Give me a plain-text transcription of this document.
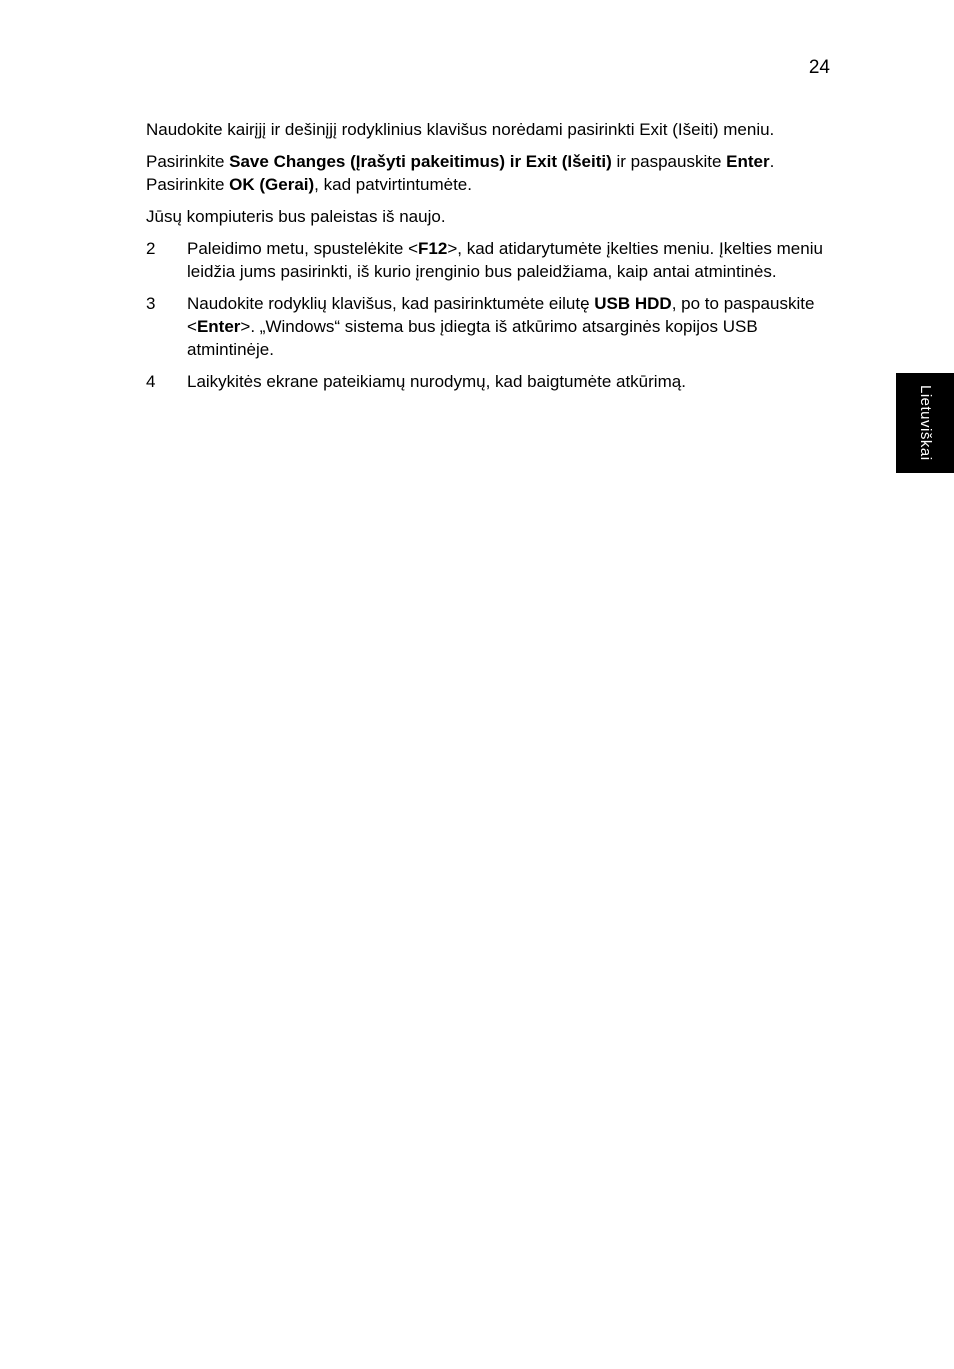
24

Naudokite kairįjį ir dešinįjį rodyklinius klavišus norėdami pasirinkti Exit (Išeiti) meniu.

Pasirinkite Save Changes (Įrašyti pakeitimus) ir Exit (Išeiti) ir paspauskite Enter. Pasirinkite OK (Gerai), kad patvirtintumėte.

Jūsų kompiuteris bus paleistas iš naujo.

2	Paleidimo metu, spustelėkite <F12>, kad atidarytumėte įkelties meniu. Įkelties meniu leidžia jums pasirinkti, iš kurio įrenginio bus paleidžiama, kaip antai atmintinės.
3	Naudokite rodyklių klavišus, kad pasirinktumėte eilutę USB HDD, po to paspauskite <Enter>. „Windows“ sistema bus įdiegta iš atkūrimo atsarginės kopijos USB atmintinėje.
4	Laikykitės ekrane pateikiamų nurodymų, kad baigtumėte atkūrimą.
Lietuviškai
